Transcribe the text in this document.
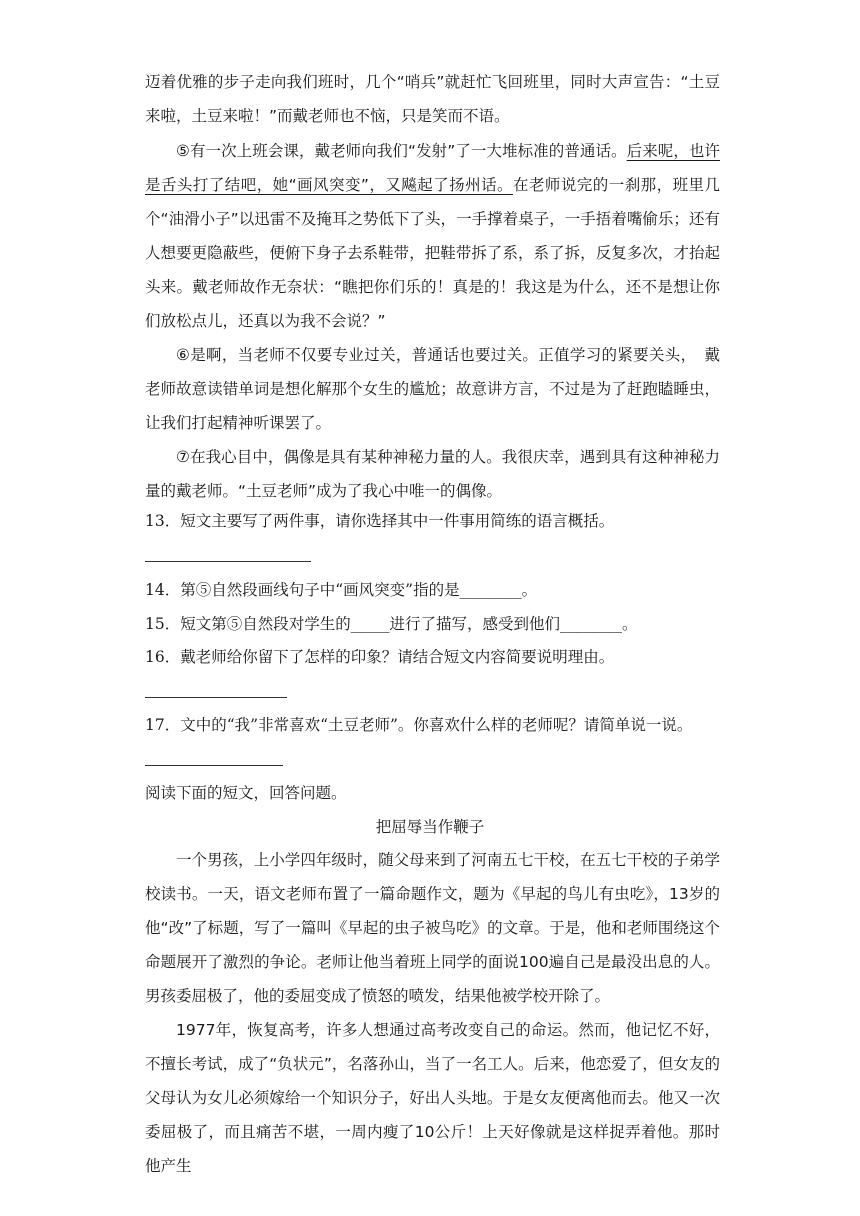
迈着优雅的步子走向我们班时，几个“哨兵”就赶忙飞回班里，同时大声宣告：“土豆来啦，土豆来啦！”而戴老师也不恼，只是笑而不语。

⑤有一次上班会课，戴老师向我们“发射”了一大堆标准的普通话。后来呢，也许是舌头打了结吧，她“画风突变”，又飚起了扬州话。在老师说完的一刹那，班里几个“油滑小子”以迅雷不及掩耳之势低下了头，一手撑着桌子，一手捂着嘴偷乐；还有人想要更隐蔽些，便俯下身子去系鞋带，把鞋带拆了系，系了拆，反复多次，才抬起头来。戴老师故作无奈状：“瞧把你们乐的！真是的！我这是为什么，还不是想让你们放松点儿，还真以为我不会说？”

⑥是啊，当老师不仅要专业过关，普通话也要过关。正值学习的紧要关头，　戴老师故意读错单词是想化解那个女生的尴尬；故意讲方言，不过是为了赶跑瞌睡虫，让我们打起精神听课罢了。

⑦在我心目中，偶像是具有某种神秘力量的人。我很庆幸，遇到具有这种神秘力量的戴老师。“土豆老师”成为了我心中唯一的偶像。

13．短文主要写了两件事，请你选择其中一件事用简练的语言概括。

14．第⑤自然段画线句子中“画风突变”指的是________。

15．短文第⑤自然段对学生的_____进行了描写，感受到他们________。

16．戴老师给你留下了怎样的印象？请结合短文内容简要说明理由。

17．文中的“我”非常喜欢“土豆老师”。你喜欢什么样的老师呢？请简单说一说。

阅读下面的短文，回答问题。

把屈辱当作鞭子

一个男孩，上小学四年级时，随父母来到了河南五七干校，在五七干校的子弟学校读书。一天，语文老师布置了一篇命题作文，题为《早起的鸟儿有虫吃》，13岁的他“改”了标题，写了一篇叫《早起的虫子被鸟吃》的文章。于是，他和老师围绕这个命题展开了激烈的争论。老师让他当着班上同学的面说100遍自己是最没出息的人。男孩委屈极了，他的委屈变成了愤怒的喷发，结果他被学校开除了。

1977年，恢复高考，许多人想通过高考改变自己的命运。然而，他记忆不好，不擅长考试，成了“负状元”，名落孙山，当了一名工人。后来，他恋爱了，但女友的父母认为女儿必须嫁给一个知识分子，好出人头地。于是女友便离他而去。他又一次委屈极了，而且痛苦不堪，一周内瘦了10公斤！上天好像就是这样捉弄着他。那时他产生
